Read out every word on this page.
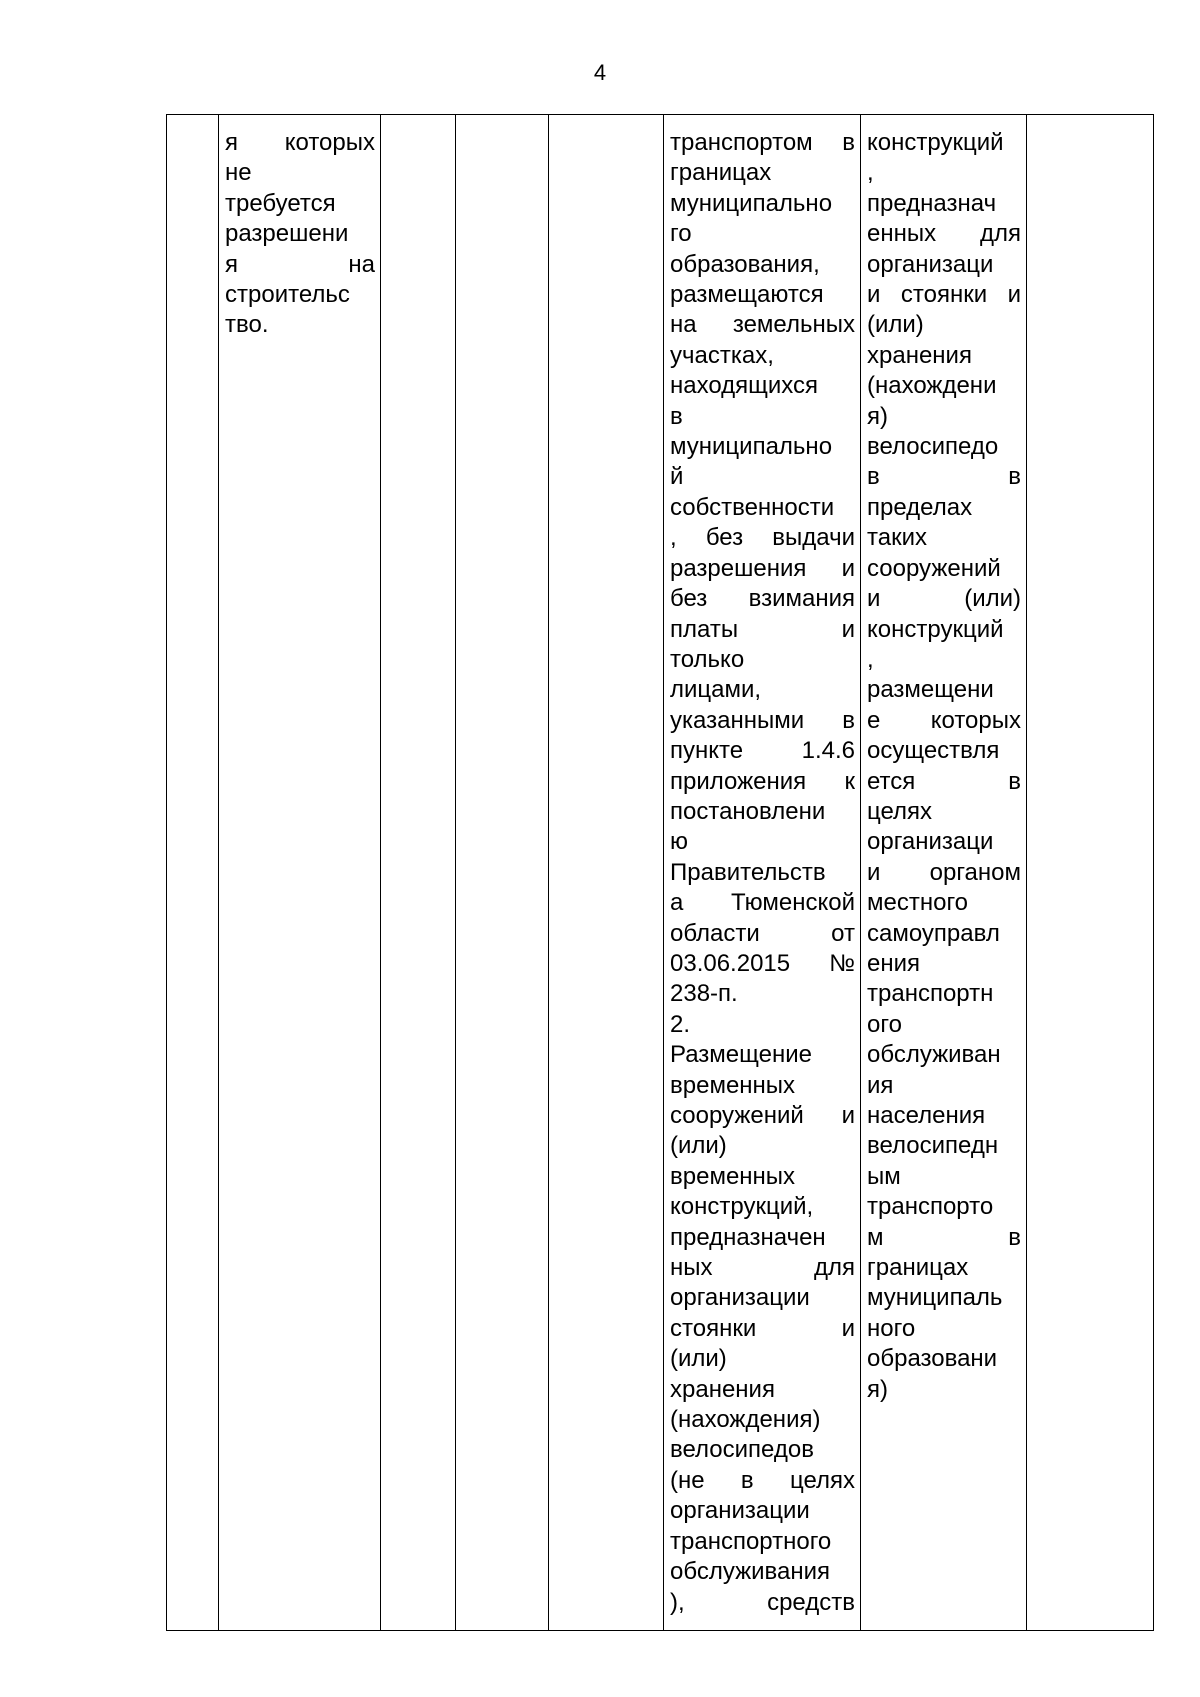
4

я которых
не
требуется
разрешени
я на
строительс
тво.

транспортом в
границах
муниципально
го
образования,
размещаются
на земельных
участках,
находящихся
в
муниципально
й
собственности
, без выдачи
разрешения и
без взимания
платы и
только
лицами,
указанными в
пункте 1.4.6
приложения к
постановлени
ю
Правительств
а Тюменской
области от
03.06.2015 №
238-п.
2.
Размещение
временных
сооружений и
(или)
временных
конструкций,
предназначен
ных для
организации
стоянки и
(или)
хранения
(нахождения)
велосипедов
(не в целях
организации
транспортного
обслуживания
), средств

конструкций
,
предназнач
енных для
организаци
и стоянки и
(или)
хранения
(нахождени
я)
велосипедо
в в
пределах
таких
сооружений
и (или)
конструкций
,
размещени
е которых
осуществля
ется в
целях
организаци
и органом
местного
самоуправл
ения
транспортн
ого
обслуживан
ия
населения
велосипедн
ым
транспорто
м в
границах
муниципаль
ного
образовани
я)
